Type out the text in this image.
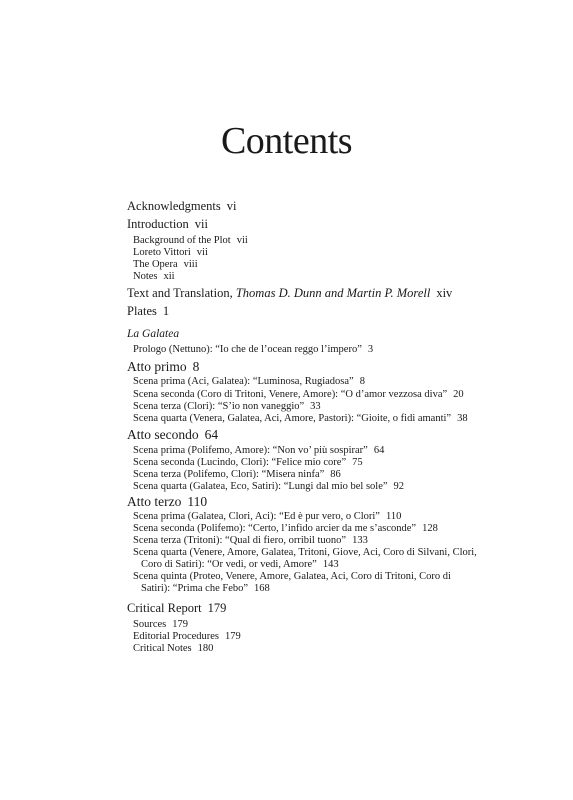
Contents
Acknowledgments vi
Introduction vii
Background of the Plot vii
Loreto Vittori vii
The Opera viii
Notes xii
Text and Translation, Thomas D. Dunn and Martin P. Morell xiv
Plates 1
La Galatea
Prologo (Nettuno): “Io che de l’ocean reggo l’impero” 3
Atto primo 8
Scena prima (Aci, Galatea): “Luminosa, Rugiadosa” 8
Scena seconda (Coro di Tritoni, Venere, Amore): “O d’amor vezzosa diva” 20
Scena terza (Clori): “S’io non vaneggio” 33
Scena quarta (Venera, Galatea, Aci, Amore, Pastori): “Gioite, o fidi amanti” 38
Atto secondo 64
Scena prima (Polifemo, Amore): “Non vo’ più sospirar” 64
Scena seconda (Lucindo, Clori): “Felice mio core” 75
Scena terza (Polifemo, Clori): “Misera ninfa” 86
Scena quarta (Galatea, Eco, Satiri): “Lungi dal mio bel sole” 92
Atto terzo 110
Scena prima (Galatea, Clori, Aci): “Ed è pur vero, o Clori” 110
Scena seconda (Polifemo): “Certo, l’infido arcier da me s’asconde” 128
Scena terza (Tritoni): “Qual di fiero, orribil tuono” 133
Scena quarta (Venere, Amore, Galatea, Tritoni, Giove, Aci, Coro di Silvani, Clori,
Coro di Satiri): “Or vedi, or vedi, Amore” 143
Scena quinta (Proteo, Venere, Amore, Galatea, Aci, Coro di Tritoni, Coro di
Satiri): “Prima che Febo” 168
Critical Report 179
Sources 179
Editorial Procedures 179
Critical Notes 180
